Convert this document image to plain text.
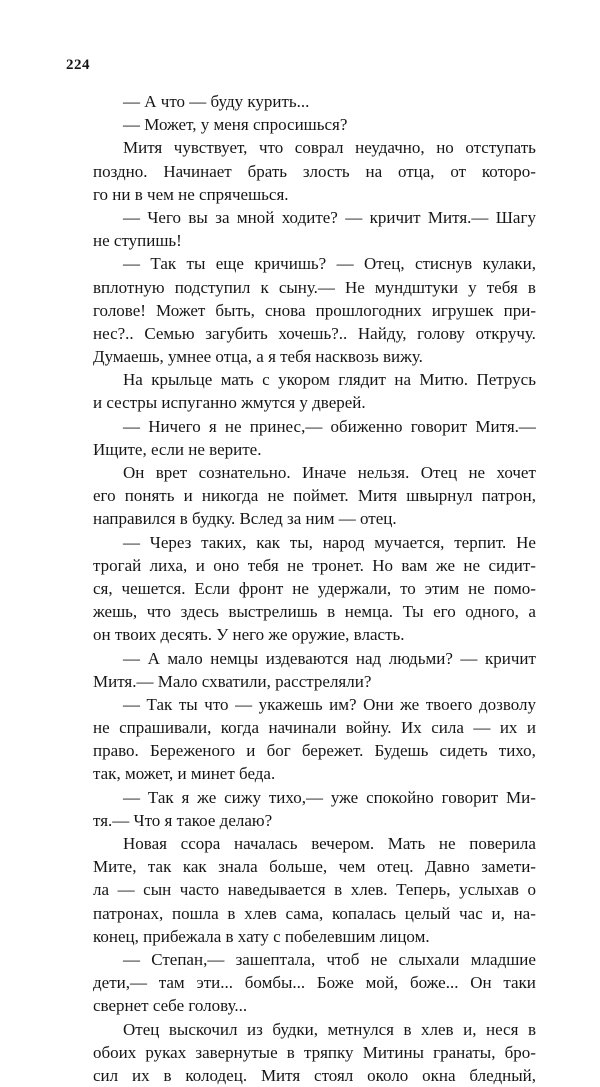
224
— А что — буду курить...
— Может, у меня спросишься?
Митя чувствует, что соврал неудачно, но отступать
поздно. Начинает брать злость на отца, от которо-
го ни в чем не спрячешься.
— Чего вы за мной ходите? — кричит Митя.— Шагу
не ступишь!
— Так ты еще кричишь? — Отец, стиснув кулаки,
вплотную подступил к сыну.— Не мундштуки у тебя в
голове! Может быть, снова прошлогодних игрушек при-
нес?.. Семью загубить хочешь?.. Найду, голову откручу.
Думаешь, умнее отца, а я тебя насквозь вижу.
На крыльце мать с укором глядит на Митю. Петрусь
и сестры испуганно жмутся у дверей.
— Ничего я не принес,— обиженно говорит Митя.—
Ищите, если не верите.
Он врет сознательно. Иначе нельзя. Отец не хочет
его понять и никогда не поймет. Митя швырнул патрон,
направился в будку. Вслед за ним — отец.
— Через таких, как ты, народ мучается, терпит. Не
трогай лиха, и оно тебя не тронет. Но вам же не сидит-
ся, чешется. Если фронт не удержали, то этим не помо-
жешь, что здесь выстрелишь в немца. Ты его одного, а
он твоих десять. У него же оружие, власть.
— А мало немцы издеваются над людьми? — кричит
Митя.— Мало схватили, расстреляли?
— Так ты что — укажешь им? Они же твоего дозволу
не спрашивали, когда начинали войну. Их сила — их и
право. Береженого и бог бережет. Будешь сидеть тихо,
так, может, и минет беда.
— Так я же сижу тихо,— уже спокойно говорит Ми-
тя.— Что я такое делаю?
Новая ссора началась вечером. Мать не поверила
Мите, так как знала больше, чем отец. Давно замети-
ла — сын часто наведывается в хлев. Теперь, услыхав о
патронах, пошла в хлев сама, копалась целый час и, на-
конец, прибежала в хату с побелевшим лицом.
— Степан,— зашептала, чтоб не слыхали младшие
дети,— там эти... бомбы... Боже мой, боже... Он таки
свернет себе голову...
Отец выскочил из будки, метнулся в хлев и, неся в
обоих руках завернутые в тряпку Митины гранаты, бро-
сил их в колодец. Митя стоял около окна бледный,
